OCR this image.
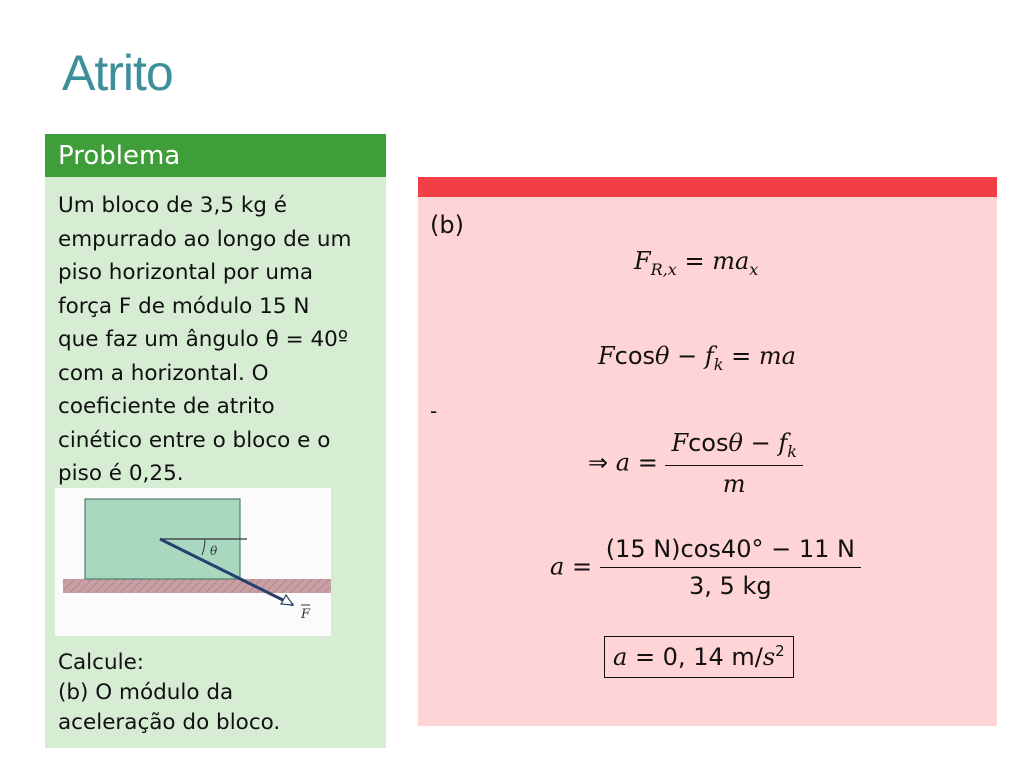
Atrito
Problema
Um bloco de 3,5 kg é
empurrado ao longo de um
piso horizontal por uma
força F de módulo 15 N
que faz um ângulo θ = 40º
com a horizontal. O
coeficiente de atrito
cinético entre o bloco e o
piso é 0,25.
θ
F
Calcule:
(b) O módulo da
aceleração do bloco.
(b)
$F_{R,x} = ma_x$
$Fcos\theta - f_k$ = ma
-
⇒ $a = \frac{Fcos\theta - f_k}{m}$
$a = \frac{(15 N)\cos 40^\circ - 11 N}{3, 5 kg}$
a = 0, 14 $m/s^2$
